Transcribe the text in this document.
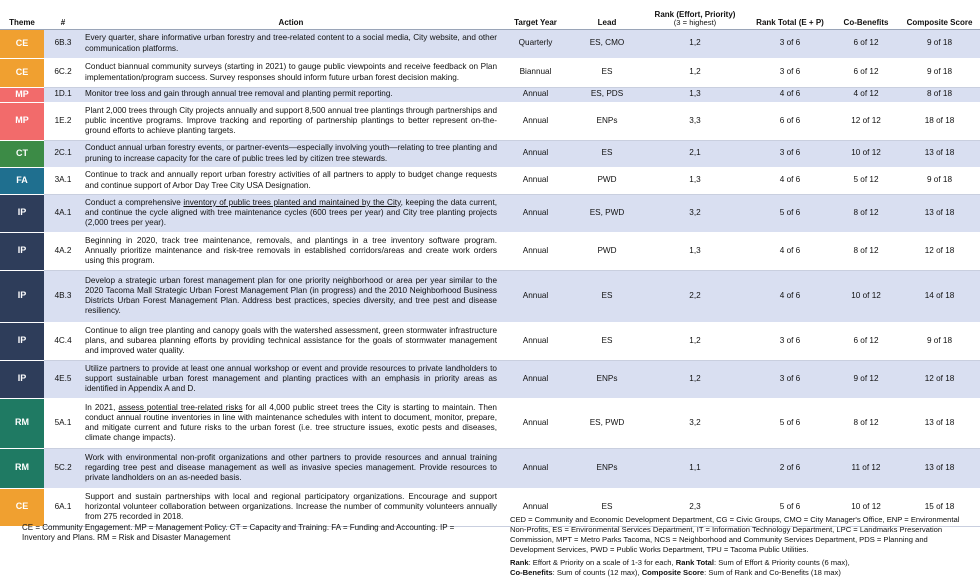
Theme	#	Action	Target Year	Lead	Rank (Effort, Priority)
(3 = highest)	Rank Total (E + P)	Co-Benefits	Composite Score
CE	6B.3	Every quarter, share informative urban forestry and tree-related content to a social media, City website, and other communication platforms.	Quarterly	ES, CMO	1,2	3 of 6	6 of 12	9 of 18
CE	6C.2	Conduct biannual community surveys (starting in 2021) to gauge public viewpoints and receive feedback on Plan implementation/program success. Survey responses should inform future urban forest decision making.	Biannual	ES	1,2	3 of 6	6 of 12	9 of 18
MP	1D.1	Monitor tree loss and gain through annual tree removal and planting permit reporting.	Annual	ES, PDS	1,3	4 of 6	4 of 12	8 of 18
MP	1E.2	Plant 2,000 trees through City projects annually and support 8,500 annual tree plantings through partnerships and public incentive programs. Improve tracking and reporting of partnership plantings to better represent on-the-ground efforts to achieve planting targets.	Annual	ENPs	3,3	6 of 6	12 of 12	18 of 18
CT	2C.1	Conduct annual urban forestry events, or partner-events—especially involving youth—relating to tree planting and pruning to increase capacity for the care of public trees led by citizen tree stewards.	Annual	ES	2,1	3 of 6	10 of 12	13 of 18
FA	3A.1	Continue to track and annually report urban forestry activities of all partners to apply to budget change requests and continue support of Arbor Day Tree City USA Designation.	Annual	PWD	1,3	4 of 6	5 of 12	9 of 18
IP	4A.1	Conduct a comprehensive inventory of public trees planted and maintained by the City, keeping the data current, and continue the cycle aligned with tree maintenance cycles (600 trees per year) and City tree planting projects (2,000 trees per year).	Annual	ES, PWD	3,2	5 of 6	8 of 12	13 of 18
IP	4A.2	Beginning in 2020, track tree maintenance, removals, and plantings in a tree inventory software program. Annually prioritize maintenance and risk-tree removals in established corridors/areas and create work orders using this program.	Annual	PWD	1,3	4 of 6	8 of 12	12 of 18
IP	4B.3	Develop a strategic urban forest management plan for one priority neighborhood or area per year similar to the 2020 Tacoma Mall Strategic Urban Forest Management Plan (in progress) and the 2010 Neighborhood Business Districts Urban Forest Management Plan. Address best practices, species diversity, and tree pest and disease resiliency.	Annual	ES	2,2	4 of 6	10 of 12	14 of 18
IP	4C.4	Continue to align tree planting and canopy goals with the watershed assessment, green stormwater infrastructure plans, and subarea planning efforts by providing technical assistance for the goals of stormwater management and improved water quality.	Annual	ES	1,2	3 of 6	6 of 12	9 of 18
IP	4E.5	Utilize partners to provide at least one annual workshop or event and provide resources to private landholders to support sustainable urban forest management and planting practices with an emphasis in priority areas as identified in Appendix A and D.	Annual	ENPs	1,2	3 of 6	9 of 12	12 of 18
RM	5A.1	In 2021, assess potential tree-related risks for all 4,000 public street trees the City is starting to maintain. Then conduct annual routine inventories in line with maintenance schedules with intent to document, monitor, prepare, and mitigate current and future risks to the urban forest (i.e. tree structure issues, exotic pests and diseases, climate change impacts).	Annual	ES, PWD	3,2	5 of 6	8 of 12	13 of 18
RM	5C.2	Work with environmental non-profit organizations and other partners to provide resources and annual training regarding tree pest and disease management as well as invasive species management. Provide resources to private landholders on an as-needed basis.	Annual	ENPs	1,1	2 of 6	11 of 12	13 of 18
CE	6A.1	Support and sustain partnerships with local and regional participatory organizations. Encourage and support horizontal volunteer collaboration between organizations. Increase the number of community volunteers annually from 275 recorded in 2018.	Annual	ES	2,3	5 of 6	10 of 12	15 of 18
CE = Community Engagement. MP = Management Policy. CT = Capacity and Training. FA = Funding and Accounting. IP = Inventory and Plans. RM = Risk and Disaster Management

CED = Community and Economic Development Department, CG = Civic Groups, CMO = City Manager's Office, ENP = Environmental Non-Profits, ES = Environmental Services Department, IT = Information Technology Department, LPC = Landmarks Preservation Commission, MPT = Metro Parks Tacoma, NCS = Neighborhood and Community Services Department, PDS = Planning and Development Services, PWD = Public Works Department, TPU = Tacoma Public Utilities.

Rank: Effort & Priority on a scale of 1-3 for each, Rank Total: Sum of Effort & Priority counts (6 max),
Co-Benefits: Sum of counts (12 max), Composite Score: Sum of Rank and Co-Benefits (18 max)
